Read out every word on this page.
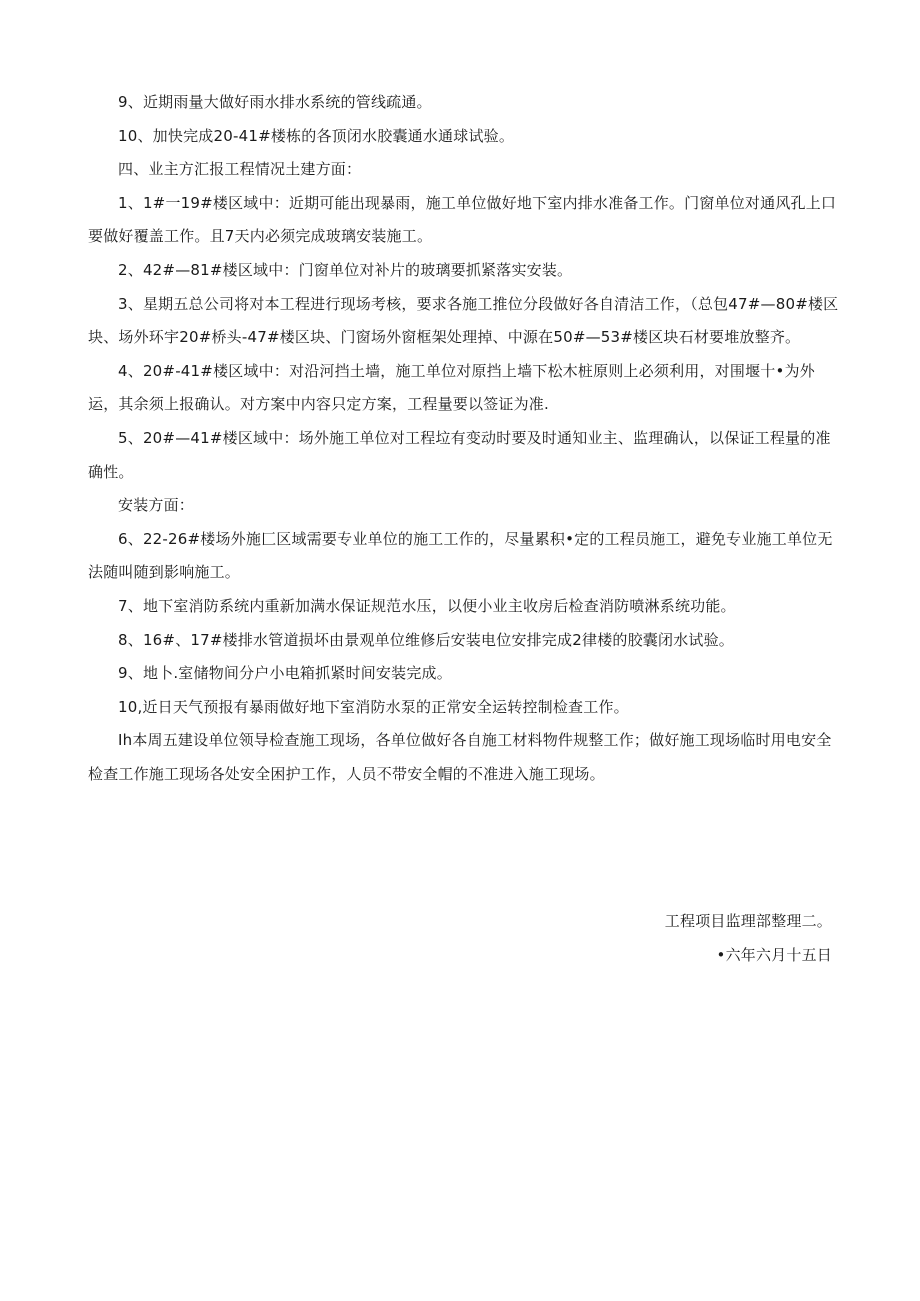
9、近期雨量大做好雨水排水系统的管线疏通。

10、加快完成20-41#楼栋的各顶闭水胶囊通水通球试验。

四、业主方汇报工程情况土建方面：

1、1#一19#楼区域中：近期可能出现暴雨，施工单位做好地下室内排水准备工作。门窗单位对通风孔上口要做好覆盖工作。且7天内必须完成玻璃安装施工。

2、42#—81#楼区域中：门窗单位对补片的玻璃要抓紧落实安装。

3、星期五总公司将对本工程进行现场考核，要求各施工推位分段做好各自清洁工作，（总包47#—80#楼区块、场外环宇20#桥头-47#楼区块、门窗场外窗框架处理掉、中源在50#—53#楼区块石材要堆放整齐。

4、20#-41#楼区域中：对沿河挡土墙，施工单位对原挡上墙下松木桩原则上必须利用，对围堰十•为外运，其余须上报确认。对方案中内容只定方案，工程量要以签证为准.

5、20#—41#楼区域中：场外施工单位对工程垃有变动时要及时通知业主、监理确认，以保证工程量的准确性。

安装方面：

6、22-26#楼场外施匚区域需要专业单位的施工工作的，尽量累积•定的工程员施工，避免专业施工单位无法随叫随到影响施工。

7、地下室消防系统内重新加满水保证规范水压，以便小业主收房后检查消防喷淋系统功能。

8、16#、17#楼排水管道损坏由景观单位维修后安装电位安排完成2律楼的胶囊闭水试验。

9、地卜.室储物间分户小电箱抓紧时间安装完成。

10,近日天气预报有暴雨做好地下室消防水泵的正常安全运转控制检查工作。

Ih本周五建设单位领导检查施工现场，各单位做好各自施工材料物件规整工作；做好施工现场临时用电安全检查工作施工现场各处安全困护工作，人员不带安全帽的不准进入施工现场。

工程项目监理部整理二。

•六年六月十五日
